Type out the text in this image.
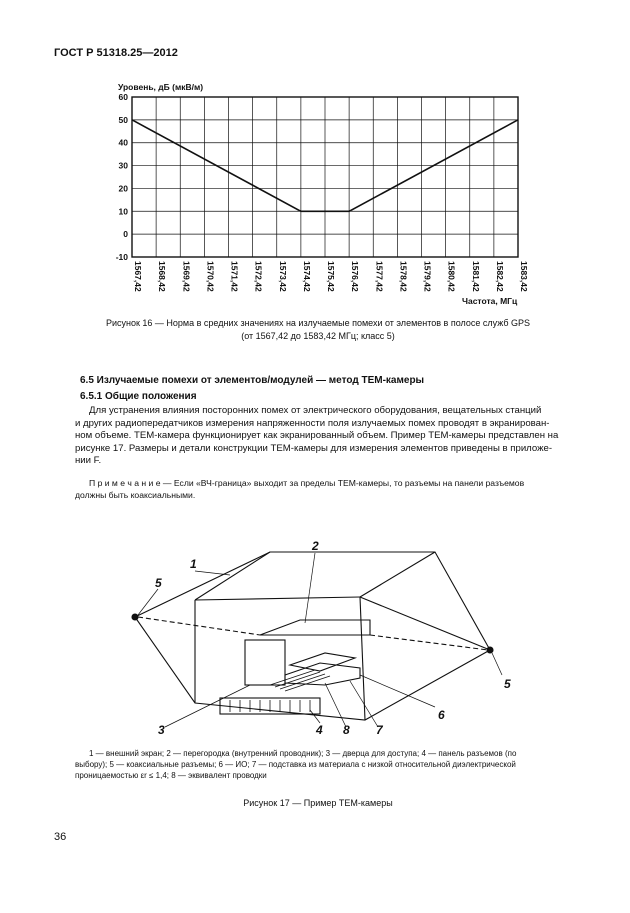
ГОСТ Р 51318.25—2012
60
50
40
30
20
10
0
-10
1567,42 1568,42 1569,42 1570,42 1571,42 1572,42 1573,42 1574,42 1575,42 1576,42 1577,42 1578,42 1579,42 1580,42 1581,42 1582,42 1583,42
Уровень, дБ (мкВ/м)
Частота, МГц
Рисунок 16 — Норма в средних значениях на излучаемые помехи от элементов в полосе служб GPS
(от 1567,42 до 1583,42 МГц; класс 5)
6.5 Излучаемые помехи от элементов/модулей — метод ТЕМ-камеры
6.5.1 Общие положения
Для устранения влияния посторонних помех от электрического оборудования, вещательных станций
и других радиопередатчиков измерения напряженности поля излучаемых помех проводят в экранирован-
ном объеме. ТЕМ-камера функционирует как экранированный объем. Пример ТЕМ-камеры представлен на
рисунке 17. Размеры и детали конструкции ТЕМ-камеры для измерения элементов приведены в приложе-
нии F.
П р и м е ч а н и е — Если «ВЧ-граница» выходит за пределы ТЕМ-камеры, то разъемы на панели разъемов
должны быть коаксиальными.
1
2
3	4
5
5
6
7
8
1 — внешний экран; 2 — перегородка (внутренний проводник); 3 — дверца для доступа; 4 — панель разъемов (по
выбору); 5 — коаксиальные разъемы; 6 — ИО; 7 — подставка из материала с низкой относительной диэлектрической
проницаемостью εr ≤ 1,4; 8 — эквивалент проводки
Рисунок 17 — Пример ТЕМ-камеры
36
